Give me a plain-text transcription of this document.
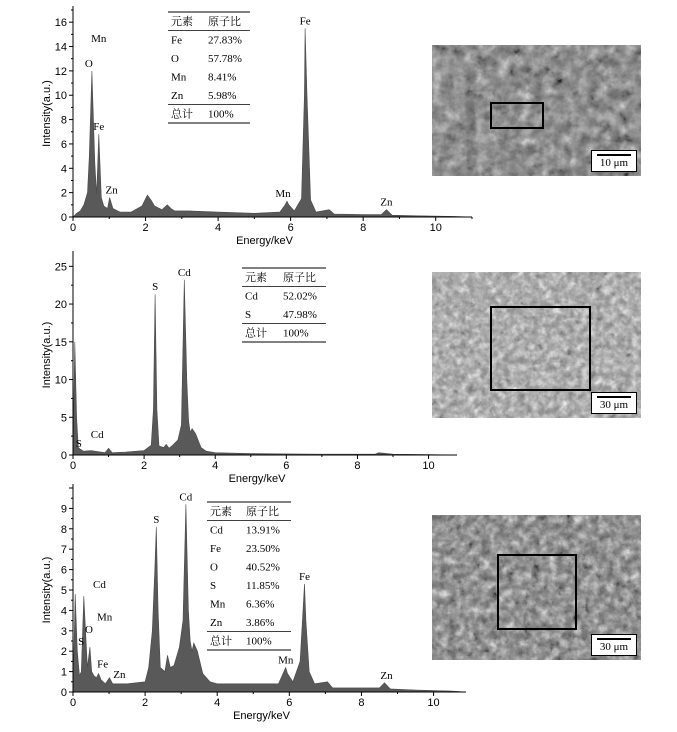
0	2	4	6	8	10
0
2
4
6
8
10
12
14
16
Energy/keV
Intensity(a.u.)
O
Mn
Fe
Zn	Mn
Fe
Zn
0	2	4	6	8	10
0
5
10
15
20
25
Energy/keV
Intensity(a.u.)
Cd
S
S
Cd
0	2	4	6	8	10
0
1
2
3
4
5
6
7
8
9
Energy/keV
Intensity(a.u.)	Cd
S
Mn
O
Fe
Zn
S
Cd
Mn
Fe
Zn
元素 原子比
Fe 27.83%
O	57.78%
Mn 8.41%
Zn 5.98%
总计 100%
元素 原子比
Cd 52.02%
S	47.98%
总计 100%
元素 原子比
Cd 13.91%
Fe 23.50%
O	40.52%
S	11.85%
Mn 6.36%
Zn 3.86%
总计 100%
10 μm
30 μm
30 μm
